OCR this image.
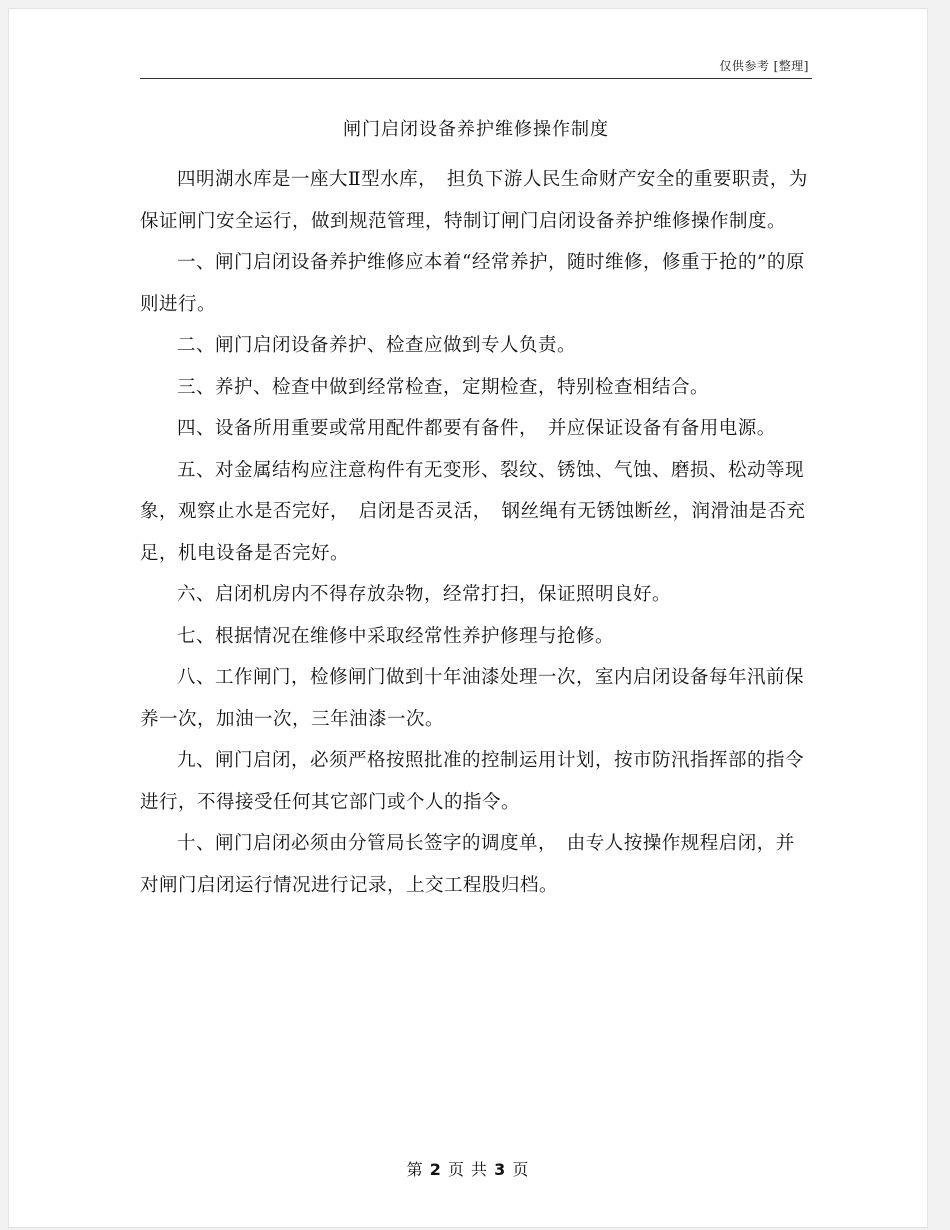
仅供参考 [整理]
闸门启闭设备养护维修操作制度

四明湖水库是一座大Ⅱ型水库，　担负下游人民生命财产安全的重要职责，为保证闸门安全运行，做到规范管理，特制订闸门启闭设备养护维修操作制度。

一、闸门启闭设备养护维修应本着“经常养护，随时维修，修重于抢的”的原则进行。

二、闸门启闭设备养护、检查应做到专人负责。

三、养护、检查中做到经常检查，定期检查，特别检查相结合。

四、设备所用重要或常用配件都要有备件，　并应保证设备有备用电源。

五、对金属结构应注意构件有无变形、裂纹、锈蚀、气蚀、磨损、松动等现象，观察止水是否完好，　启闭是否灵活，　钢丝绳有无锈蚀断丝，润滑油是否充足，机电设备是否完好。

六、启闭机房内不得存放杂物，经常打扫，保证照明良好。

七、根据情况在维修中采取经常性养护修理与抢修。

八、工作闸门，检修闸门做到十年油漆处理一次，室内启闭设备每年汛前保养一次，加油一次，三年油漆一次。

九、闸门启闭，必须严格按照批准的控制运用计划，按市防汛指挥部的指令进行，不得接受任何其它部门或个人的指令。

十、闸门启闭必须由分管局长签字的调度单，　由专人按操作规程启闭，并对闸门启闭运行情况进行记录，上交工程股归档。

第 2 页 共 3 页
